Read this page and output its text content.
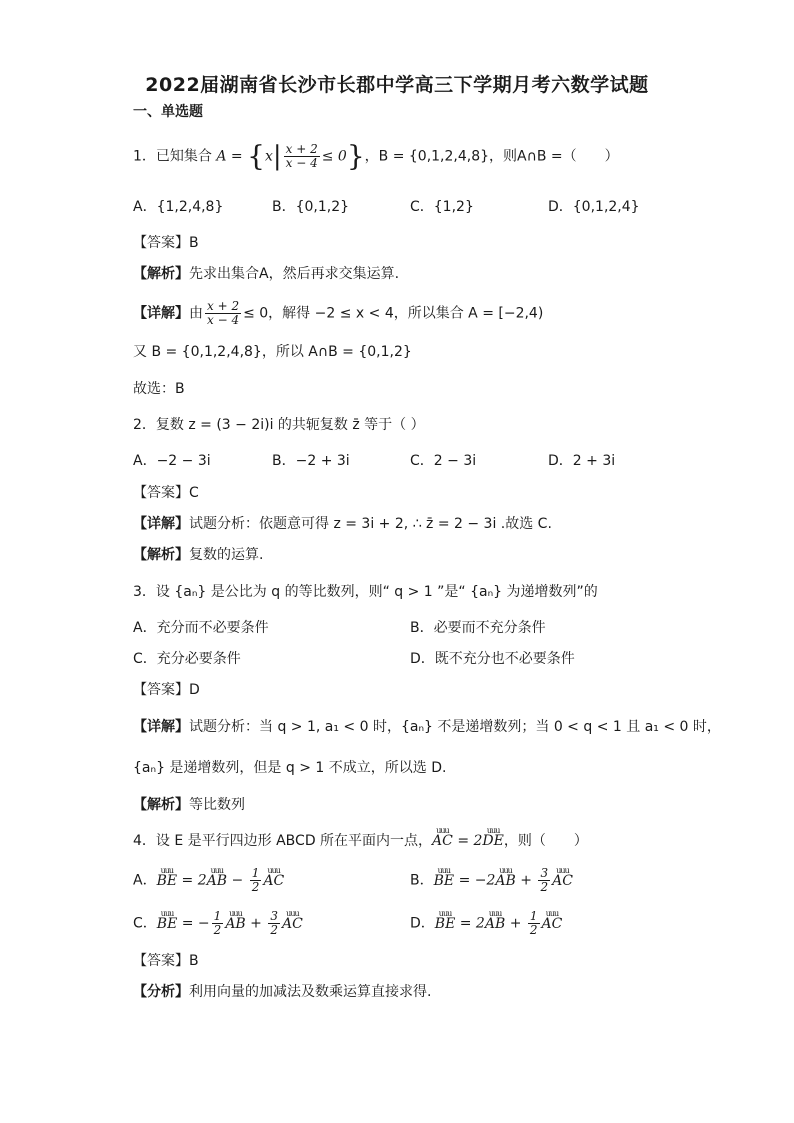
2022届湖南省长沙市长郡中学高三下学期月考六数学试题
一、单选题
1．已知集合 $A = \{x| \frac{x + 2}{x - 4} \le 0\}$，B = {0,1,2,4,8}，则A∩B =（　　）
A．{1,2,4,8}	B．{0,1,2}	C．{1,2}	D．{0,1,2,4}
【答案】B
【解析】先求出集合A，然后再求交集运算.
【详解】由 $\frac{x + 2}{x - 4} \le 0$，解得 −2 ≤ x < 4，所以集合 A = [−2,4)
又 B = {0,1,2,4,8}，所以 A∩B = {0,1,2}
故选：B
2．复数 z = (3 − 2i)i 的共轭复数 z̄ 等于（ ）
A．−2 − 3i	B．−2 + 3i	C．2 − 3i	D．2 + 3i
【答案】C
【详解】试题分析：依题意可得 z = 3i + 2, ∴ z̄ = 2 − 3i .故选 C.
【解析】复数的运算.
3．设 {aₙ} 是公比为 q 的等比数列，则“ q > 1 ”是“ {aₙ} 为递增数列”的
A．充分而不必要条件	B．必要而不充分条件
C．充分必要条件	D．既不充分也不必要条件
【答案】D
【详解】试题分析：当 q > 1, a₁ < 0 时，{aₙ} 不是递增数列；当 0 < q < 1 且 a₁ < 0 时，
{aₙ} 是递增数列，但是 q > 1 不成立，所以选 D.
【解析】等比数列
4．设 E 是平行四边形 ABCD 所在平面内一点，uuu AC = 2uuu DE，则（　　）
A．uuu BE = 2uuu AB − $\frac{1}{2}$ uuu AC	B．uuu BE = −2uuu AB + $\frac{3}{2}$ uuu AC
C．uuu BE = − $\frac{1}{2}$ uuu AB + $\frac{3}{2}$ uuu AC	D．uuu BE = 2uuu AB + $\frac{1}{2}$ uuu AC
【答案】B
【分析】利用向量的加减法及数乘运算直接求得.
